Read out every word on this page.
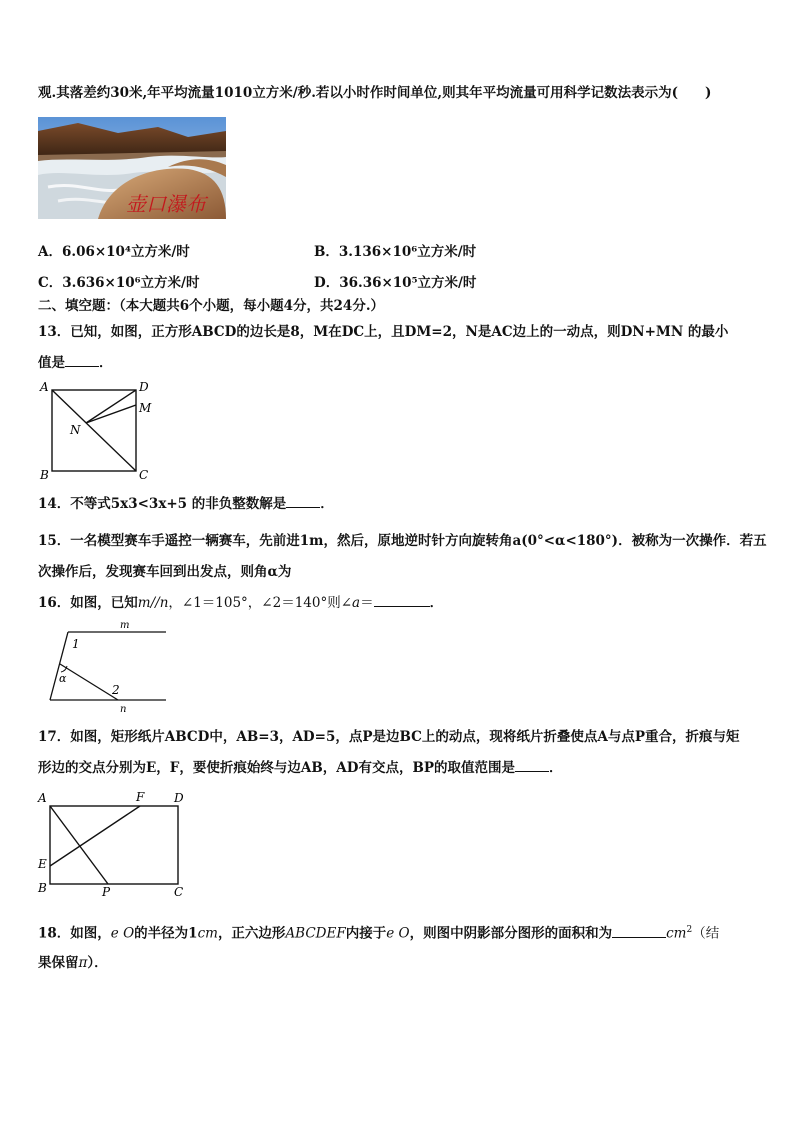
观.其落差约30米,年平均流量1010立方米/秒.若以小时作时间单位,则其年平均流量可用科学记数法表示为(　　)
壶口瀑布
A．6.06×10⁴立方米/时	B．3.136×10⁶立方米/时
C．3.636×10⁶立方米/时	D．36.36×10⁵立方米/时
二、填空题：（本大题共6个小题，每小题4分，共24分.）
13．已知，如图，正方形ABCD的边长是8，M在DC上，且DM=2，N是AC边上的一动点，则DN+MN 的最小
值是	．
A	D
M
N
B	C
14．不等式5x3<3x+5 的非负整数解是	．
15．一名模型赛车手遥控一辆赛车，先前进1m，然后，原地逆时针方向旋转角a(0°<α<180°)．被称为一次操作．若五
次操作后，发现赛车回到出发点，则角α为
16．如图，已知m//n，∠1＝105°，∠2＝140°则∠a＝	．
m
n
1
2
α
17．如图，矩形纸片ABCD中，AB=3，AD=5，点P是边BC上的动点，现将纸片折叠使点A与点P重合，折痕与矩
形边的交点分别为E，F，要使折痕始终与边AB，AD有交点，BP的取值范围是	．
A	F D
E
B	P	C
18．如图，e O的半径为1cm，正六边形ABCDEF内接于e O，则图中阴影部分图形的面积和为	$cm^2$（结
果保留π）．
